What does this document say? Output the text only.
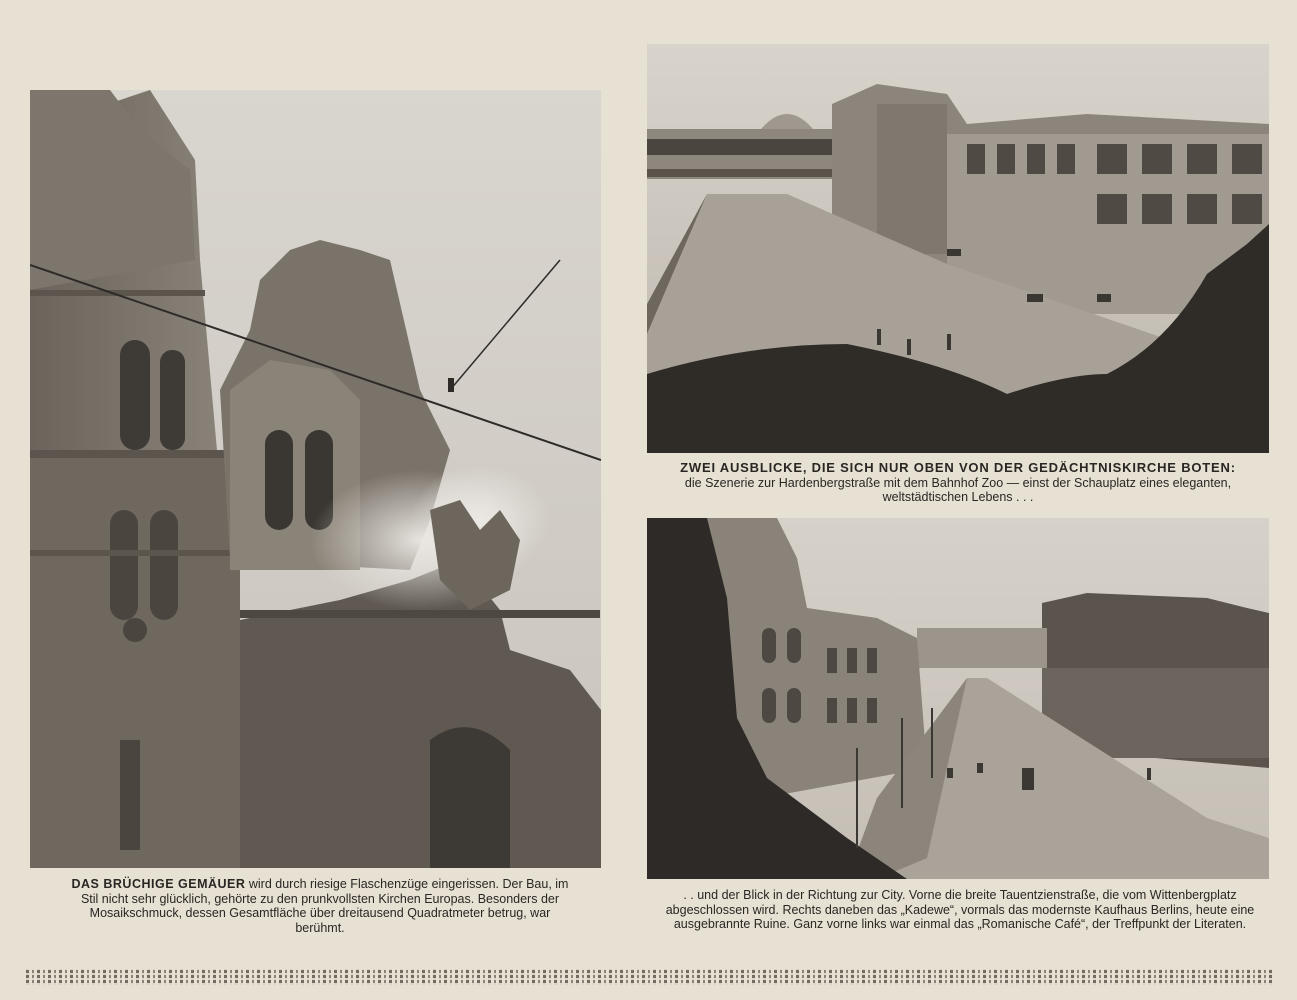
DAS BRÜCHIGE GEMÄUER wird durch riesige Flaschenzüge eingerissen. Der Bau, im Stil nicht sehr glücklich, gehörte zu den prunkvollsten Kirchen Europas. Besonders der Mosaikschmuck, dessen Gesamtfläche über dreitausend Quadratmeter betrug, war berühmt.
ZWEI AUSBLICKE, DIE SICH NUR OBEN VON DER GEDÄCHTNISKIRCHE BOTEN:
die Szenerie zur Hardenbergstraße mit dem Bahnhof Zoo — einst der Schauplatz eines eleganten, weltstädtischen Lebens . . .
. . und der Blick in der Richtung zur City. Vorne die breite Tauentzienstraße, die vom Wittenbergplatz abgeschlossen wird. Rechts daneben das „Kadewe“, vormals das modernste Kaufhaus Berlins, heute eine ausgebrannte Ruine. Ganz vorne links war einmal das „Romanische Café“, der Treffpunkt der Literaten.
